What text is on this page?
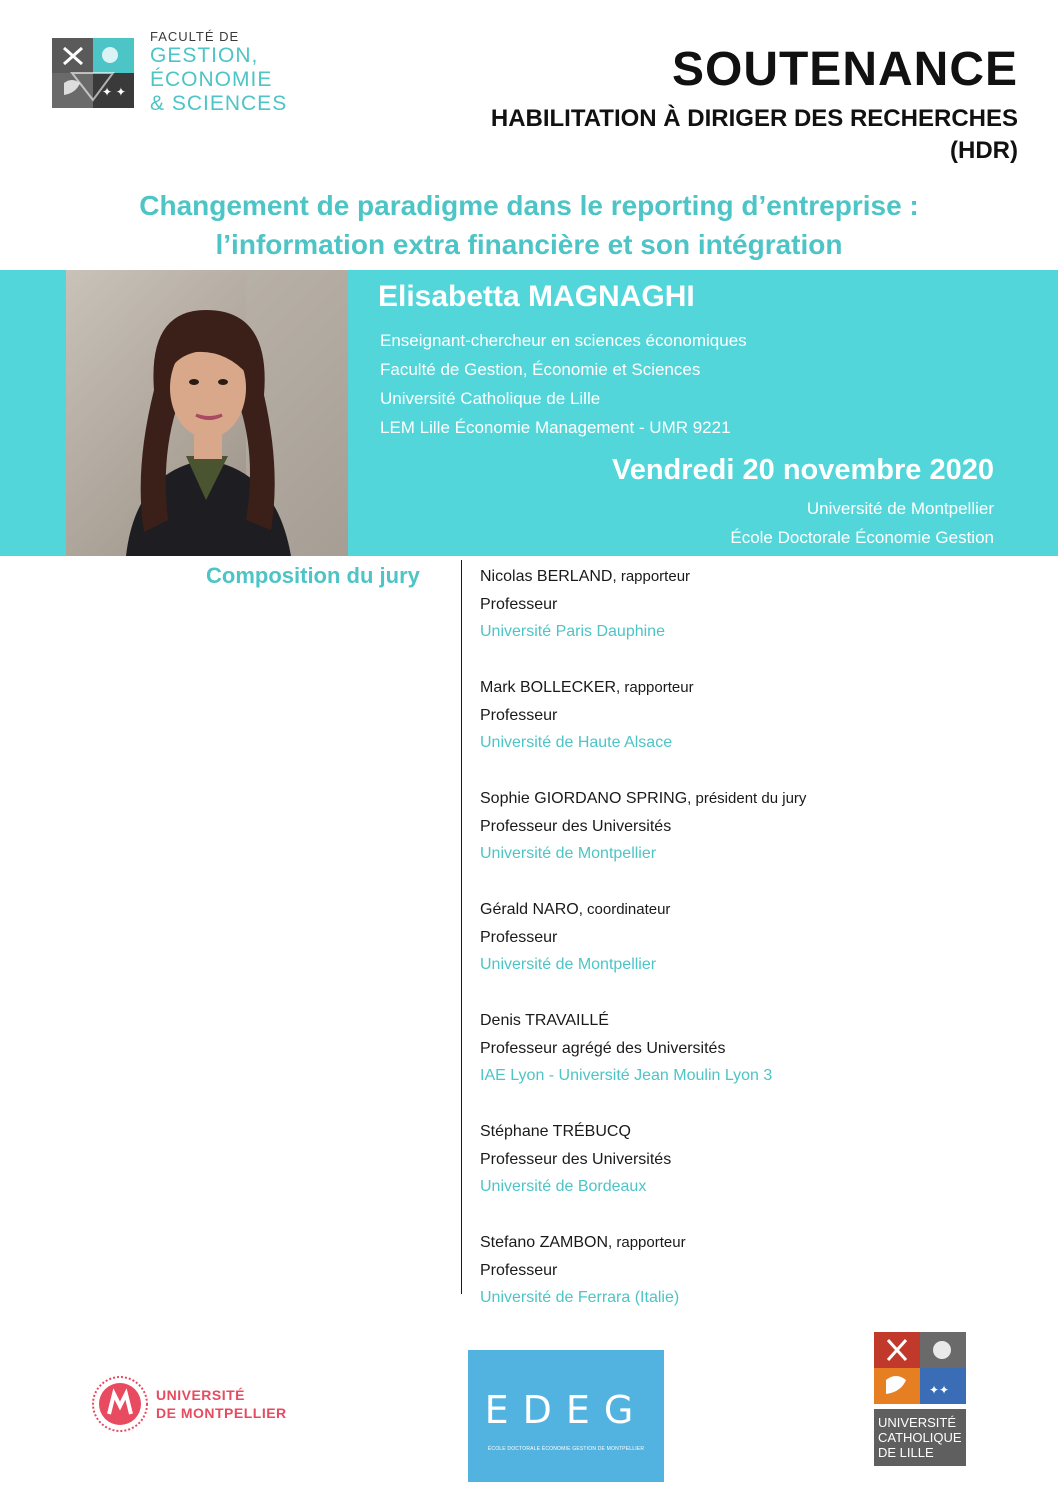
✦ ✦
FACULTÉ DE
GESTION,
ÉCONOMIE
& SCIENCES
SOUTENANCE
HABILITATION À DIRIGER DES RECHERCHES
(HDR)
Changement de paradigme dans le reporting d’entreprise :
l’information extra financière et son intégration
Elisabetta MAGNAGHI
Enseignant-chercheur en sciences économiques
Faculté de Gestion, Économie et Sciences
Université Catholique de Lille
LEM Lille Économie Management - UMR 9221
Vendredi 20 novembre 2020
Université de Montpellier
École Doctorale Économie Gestion
Composition du jury	Nicolas BERLAND, rapporteur
Professeur
Université Paris Dauphine
Mark BOLLECKER, rapporteur
Professeur
Université de Haute Alsace
Sophie GIORDANO SPRING, président du jury
Professeur des Universités
Université de Montpellier
Gérald NARO, coordinateur
Professeur
Université de Montpellier
Denis TRAVAILLÉ
Professeur agrégé des Universités
IAE Lyon - Université Jean Moulin Lyon 3
Stéphane TRÉBUCQ
Professeur des Universités
Université de Bordeaux
Stefano ZAMBON, rapporteur
Professeur
Université de Ferrara (Italie)
UNIVERSITÉ
DE MONTPELLIER	EDEG
ÉCOLE DOCTORALE ÉCONOMIE GESTION DE MONTPELLIER
✦✦
UNIVERSITÉ
CATHOLIQUE
DE LILLE
